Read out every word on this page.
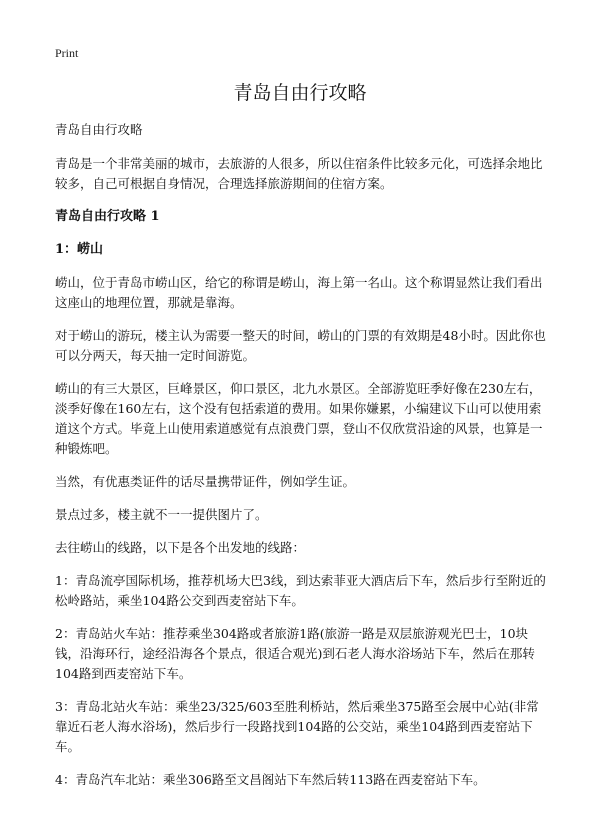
Print
青岛自由行攻略

青岛自由行攻略

青岛是一个非常美丽的城市，去旅游的人很多，所以住宿条件比较多元化，可选择余地比较多，自己可根据自身情况，合理选择旅游期间的住宿方案。

青岛自由行攻略 1
1：崂山

崂山，位于青岛市崂山区，给它的称谓是崂山，海上第一名山。这个称谓显然让我们看出这座山的地理位置，那就是靠海。

对于崂山的游玩，楼主认为需要一整天的时间，崂山的门票的有效期是48小时。因此你也可以分两天，每天抽一定时间游览。

崂山的有三大景区，巨峰景区，仰口景区，北九水景区。全部游览旺季好像在230左右，淡季好像在160左右，这个没有包括索道的费用。如果你嫌累，小编建议下山可以使用索道这个方式。毕竟上山使用索道感觉有点浪费门票，登山不仅欣赏沿途的风景，也算是一种锻炼吧。

当然，有优惠类证件的话尽量携带证件，例如学生证。

景点过多，楼主就不一一提供图片了。

去往崂山的线路，以下是各个出发地的线路：

1：青岛流亭国际机场，推荐机场大巴3线，到达索菲亚大酒店后下车，然后步行至附近的松岭路站，乘坐104路公交到西麦窑站下车。

2：青岛站火车站：推荐乘坐304路或者旅游1路(旅游一路是双层旅游观光巴士，10块钱，沿海环行，途经沿海各个景点，很适合观光)到石老人海水浴场站下车，然后在那转104路到西麦窑站下车。

3：青岛北站火车站：乘坐23/325/603至胜利桥站，然后乘坐375路至会展中心站(非常靠近石老人海水浴场)，然后步行一段路找到104路的公交站，乘坐104路到西麦窑站下车。

4：青岛汽车北站：乘坐306路至文昌阁站下车然后转113路在西麦窑站下车。
